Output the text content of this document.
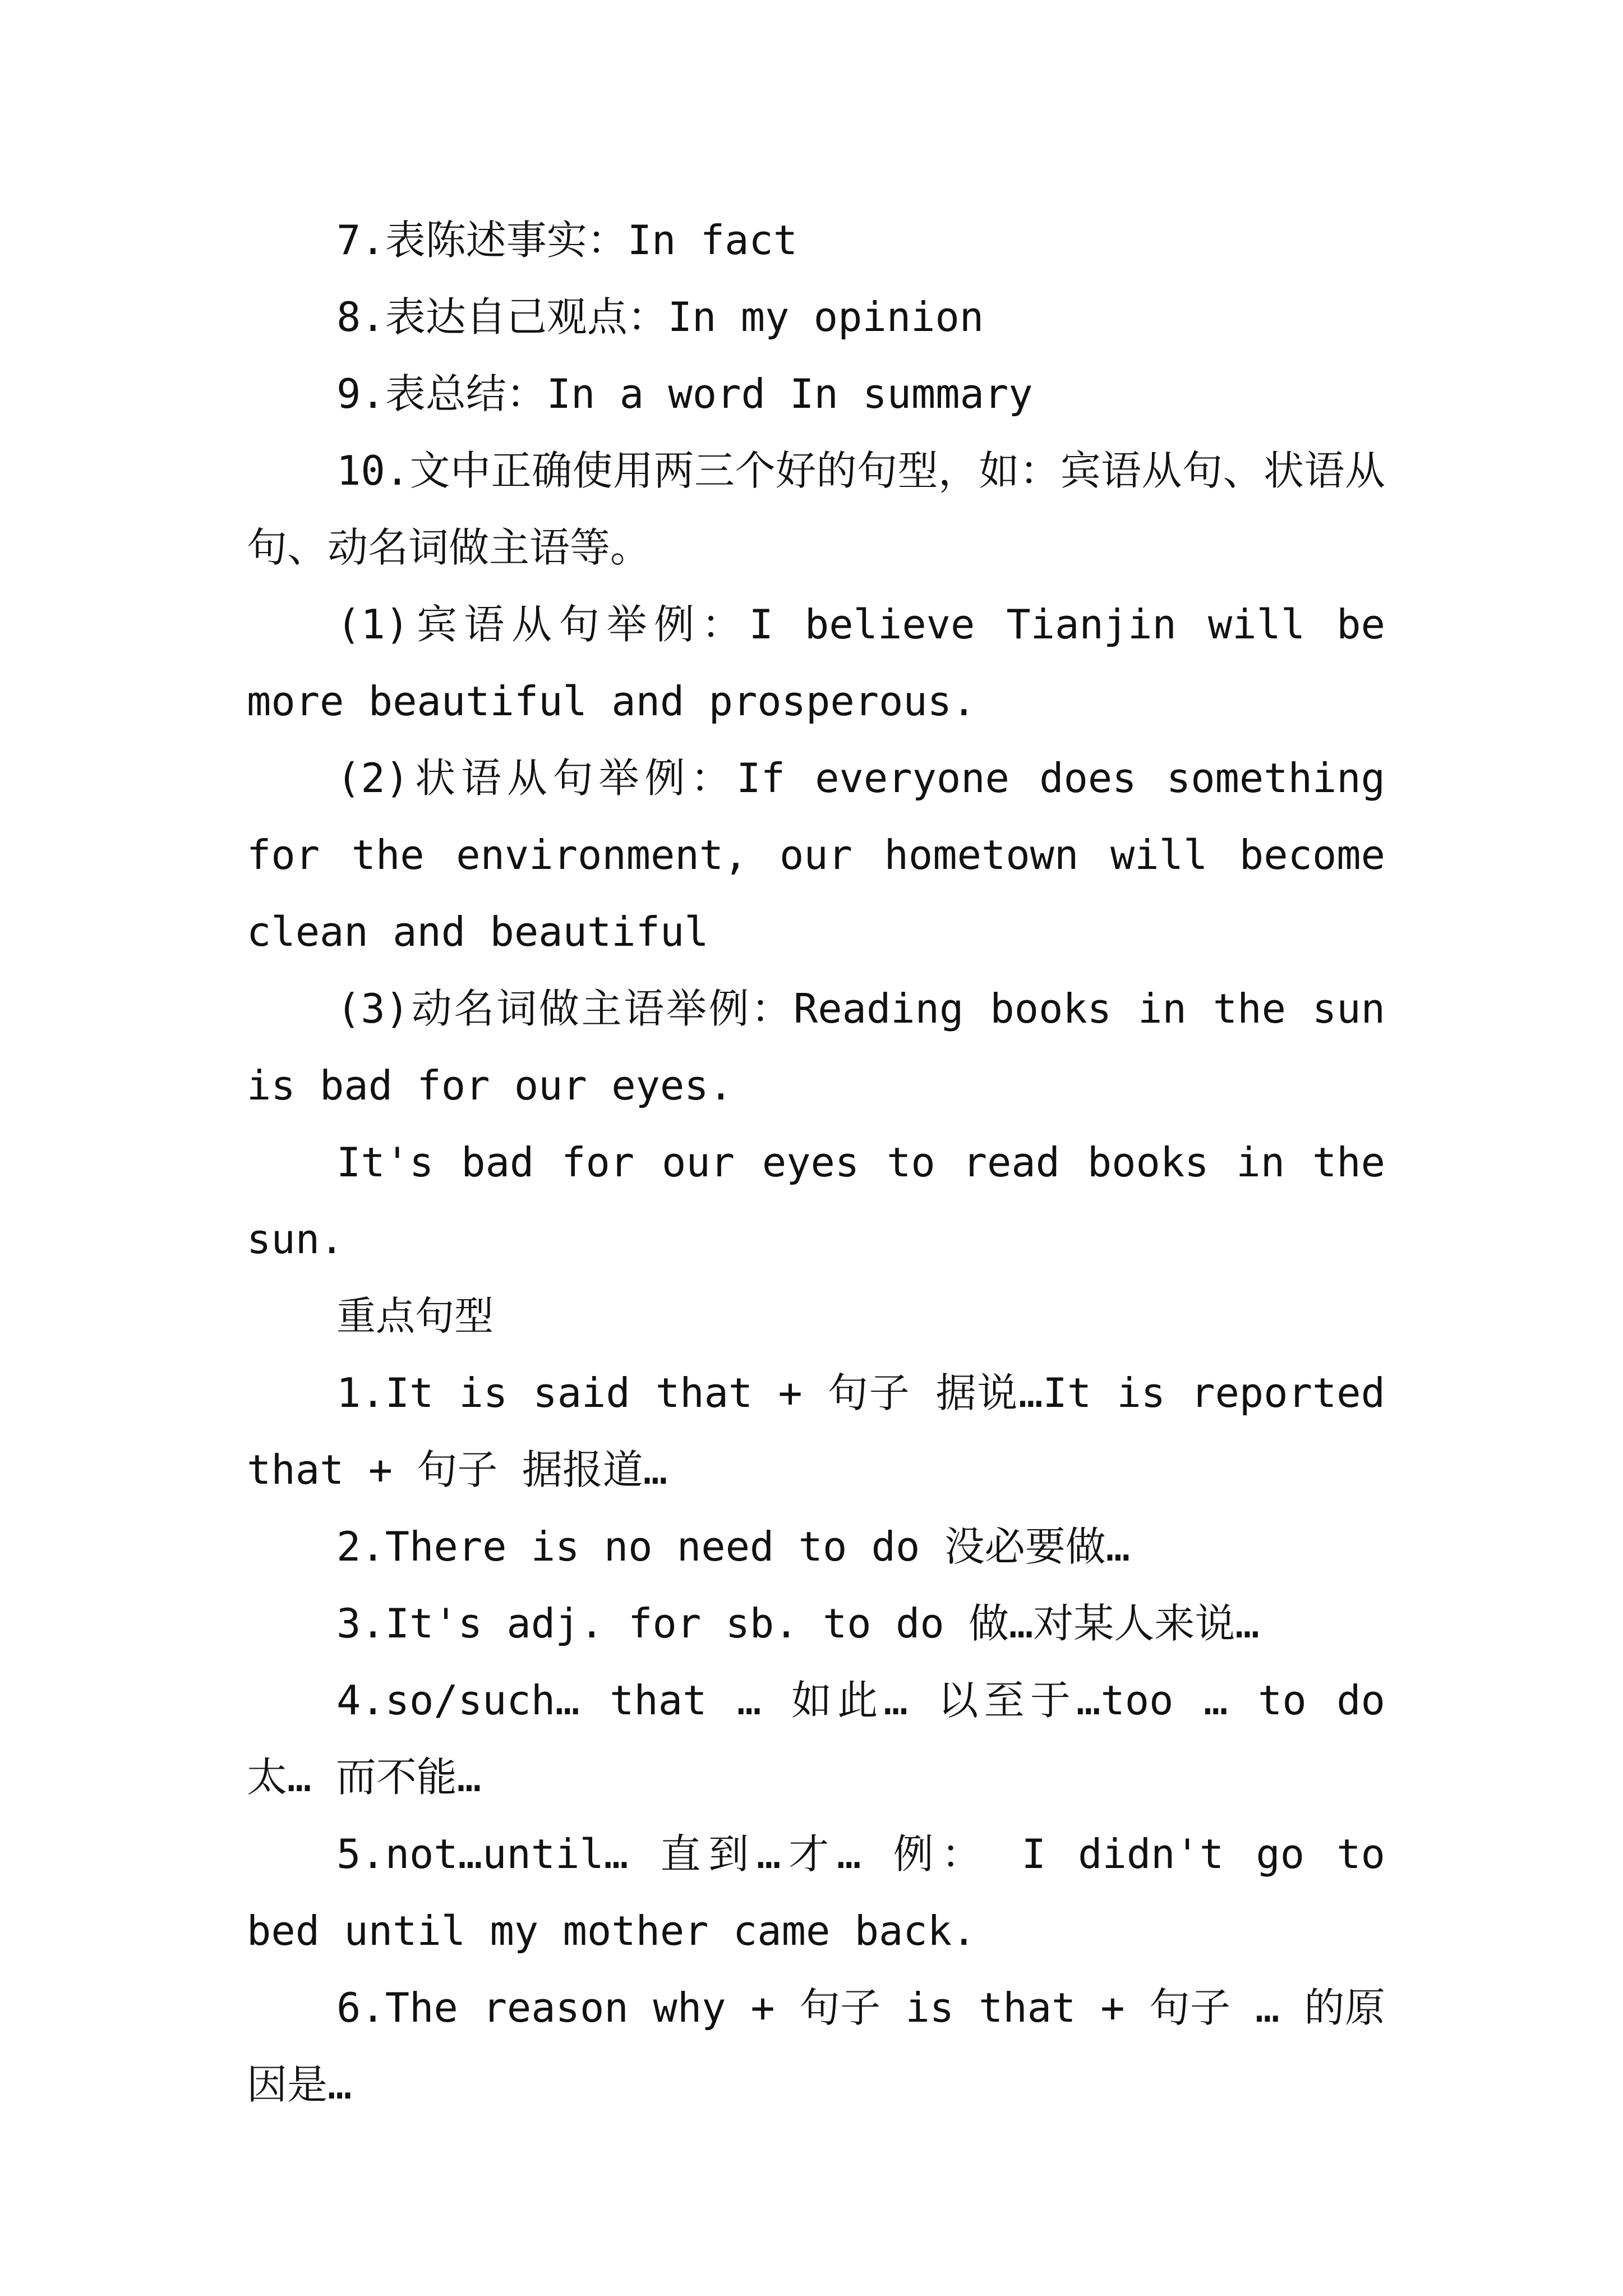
7.表陈述事实：In fact

8.表达自己观点：In my opinion

9.表总结：In a word In summary

10.文中正确使用两三个好的句型，如：宾语从句、状语从句、动名词做主语等。

(1)宾语从句举例：I believe Tianjin will be more beautiful and prosperous.

(2)状语从句举例：If everyone does something for the environment, our hometown will become clean and beautiful

(3)动名词做主语举例：Reading books in the sun is bad for our eyes.

It's bad for our eyes to read books in the sun.

重点句型

1.It is said that + 句子 据说…It is reported that + 句子 据报道…

2.There is no need to do 没必要做…

3.It's adj. for sb. to do 做…对某人来说…

4.so/such… that … 如此… 以至于…too … to do 太… 而不能…

5.not…until… 直到…才… 例： I didn't go to bed until my mother came back.

6.The reason why + 句子 is that + 句子 … 的原因是…
